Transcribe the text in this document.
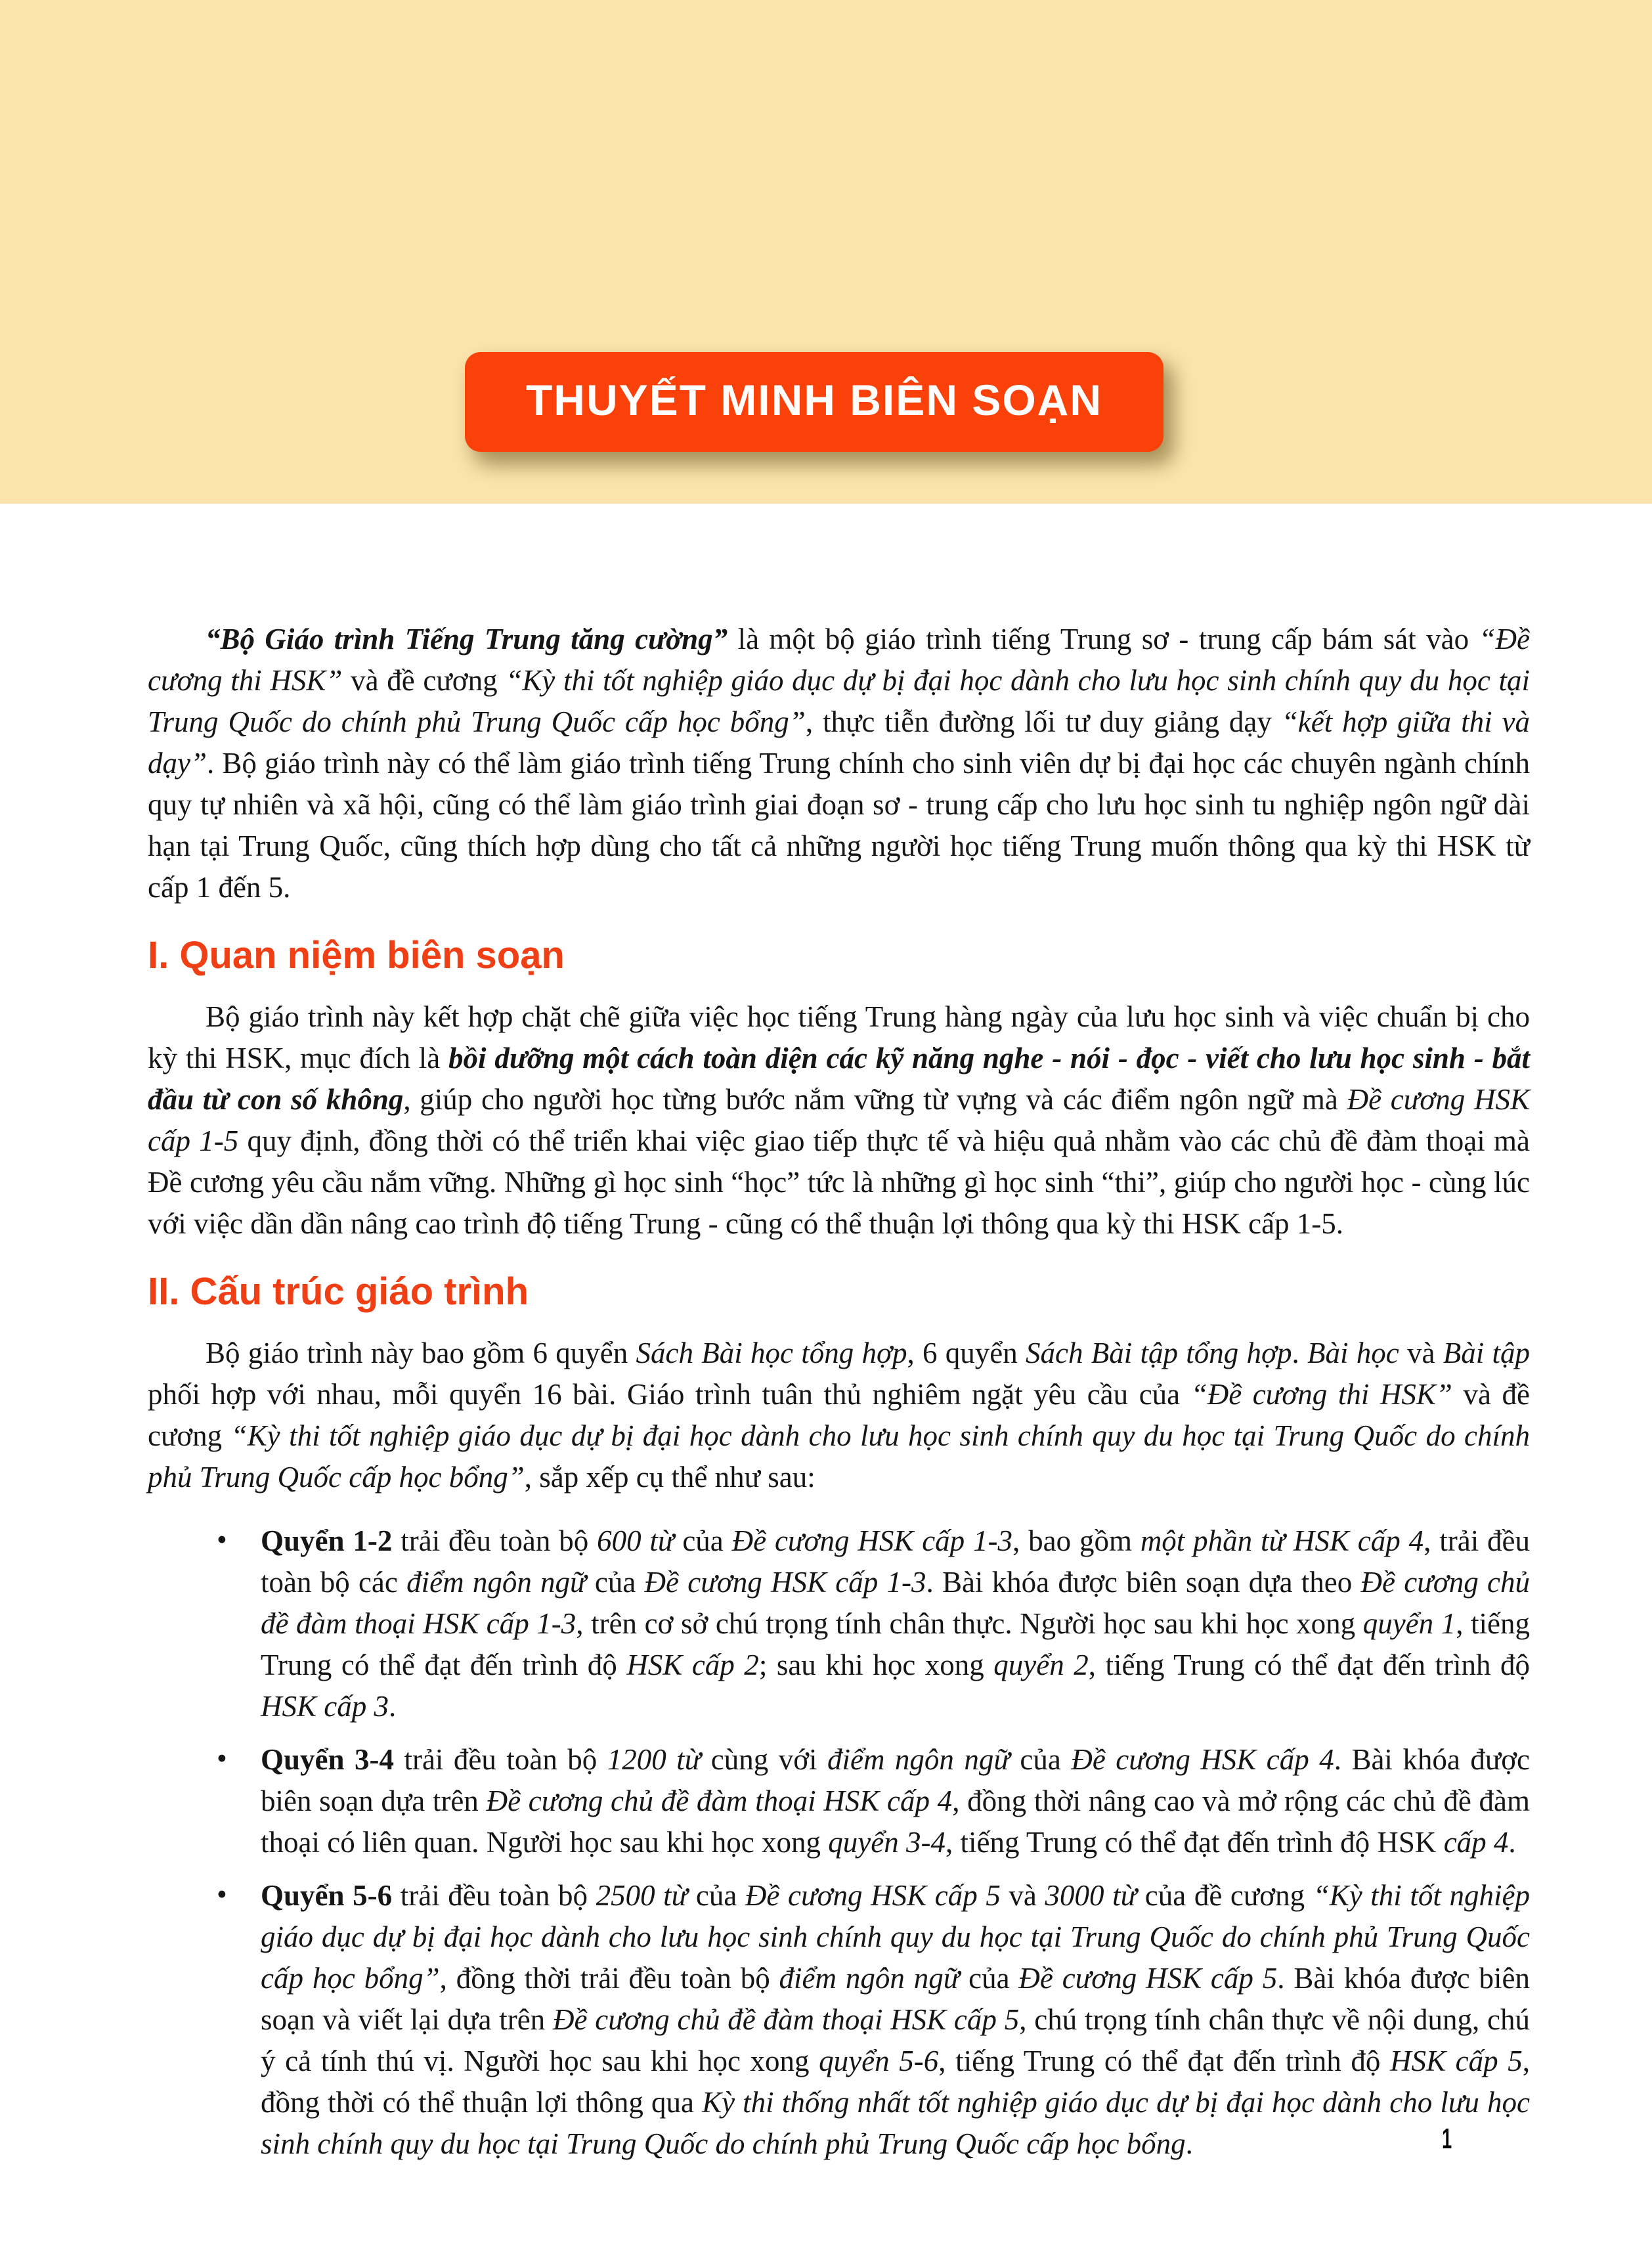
THUYẾT MINH BIÊN SOẠN

“Bộ Giáo trình Tiếng Trung tăng cường” là một bộ giáo trình tiếng Trung sơ - trung cấp bám sát vào “Đề cương thi HSK” và đề cương “Kỳ thi tốt nghiệp giáo dục dự bị đại học dành cho lưu học sinh chính quy du học tại Trung Quốc do chính phủ Trung Quốc cấp học bổng”, thực tiễn đường lối tư duy giảng dạy “kết hợp giữa thi và dạy”. Bộ giáo trình này có thể làm giáo trình tiếng Trung chính cho sinh viên dự bị đại học các chuyên ngành chính quy tự nhiên và xã hội, cũng có thể làm giáo trình giai đoạn sơ - trung cấp cho lưu học sinh tu nghiệp ngôn ngữ dài hạn tại Trung Quốc, cũng thích hợp dùng cho tất cả những người học tiếng Trung muốn thông qua kỳ thi HSK từ cấp 1 đến 5.

I. Quan niệm biên soạn

Bộ giáo trình này kết hợp chặt chẽ giữa việc học tiếng Trung hàng ngày của lưu học sinh và việc chuẩn bị cho kỳ thi HSK, mục đích là bồi dưỡng một cách toàn diện các kỹ năng nghe - nói - đọc - viết cho lưu học sinh - bắt đầu từ con số không, giúp cho người học từng bước nắm vững từ vựng và các điểm ngôn ngữ mà Đề cương HSK cấp 1-5 quy định, đồng thời có thể triển khai việc giao tiếp thực tế và hiệu quả nhằm vào các chủ đề đàm thoại mà Đề cương yêu cầu nắm vững. Những gì học sinh “học” tức là những gì học sinh “thi”, giúp cho người học - cùng lúc với việc dần dần nâng cao trình độ tiếng Trung - cũng có thể thuận lợi thông qua kỳ thi HSK cấp 1-5.

II. Cấu trúc giáo trình

Bộ giáo trình này bao gồm 6 quyển Sách Bài học tổng hợp, 6 quyển Sách Bài tập tổng hợp. Bài học và Bài tập phối hợp với nhau, mỗi quyển 16 bài. Giáo trình tuân thủ nghiêm ngặt yêu cầu của “Đề cương thi HSK” và đề cương “Kỳ thi tốt nghiệp giáo dục dự bị đại học dành cho lưu học sinh chính quy du học tại Trung Quốc do chính phủ Trung Quốc cấp học bổng”, sắp xếp cụ thể như sau:

• Quyển 1-2 trải đều toàn bộ 600 từ của Đề cương HSK cấp 1-3, bao gồm một phần từ HSK cấp 4, trải đều toàn bộ các điểm ngôn ngữ của Đề cương HSK cấp 1-3. Bài khóa được biên soạn dựa theo Đề cương chủ đề đàm thoại HSK cấp 1-3, trên cơ sở chú trọng tính chân thực. Người học sau khi học xong quyển 1, tiếng Trung có thể đạt đến trình độ HSK cấp 2; sau khi học xong quyển 2, tiếng Trung có thể đạt đến trình độ HSK cấp 3.
• Quyển 3-4 trải đều toàn bộ 1200 từ cùng với điểm ngôn ngữ của Đề cương HSK cấp 4. Bài khóa được biên soạn dựa trên Đề cương chủ đề đàm thoại HSK cấp 4, đồng thời nâng cao và mở rộng các chủ đề đàm thoại có liên quan. Người học sau khi học xong quyển 3-4, tiếng Trung có thể đạt đến trình độ HSK cấp 4.
• Quyển 5-6 trải đều toàn bộ 2500 từ của Đề cương HSK cấp 5 và 3000 từ của đề cương “Kỳ thi tốt nghiệp giáo dục dự bị đại học dành cho lưu học sinh chính quy du học tại Trung Quốc do chính phủ Trung Quốc cấp học bổng”, đồng thời trải đều toàn bộ điểm ngôn ngữ của Đề cương HSK cấp 5. Bài khóa được biên soạn và viết lại dựa trên Đề cương chủ đề đàm thoại HSK cấp 5, chú trọng tính chân thực về nội dung, chú ý cả tính thú vị. Người học sau khi học xong quyển 5-6, tiếng Trung có thể đạt đến trình độ HSK cấp 5, đồng thời có thể thuận lợi thông qua Kỳ thi thống nhất tốt nghiệp giáo dục dự bị đại học dành cho lưu học sinh chính quy du học tại Trung Quốc do chính phủ Trung Quốc cấp học bổng.	1
